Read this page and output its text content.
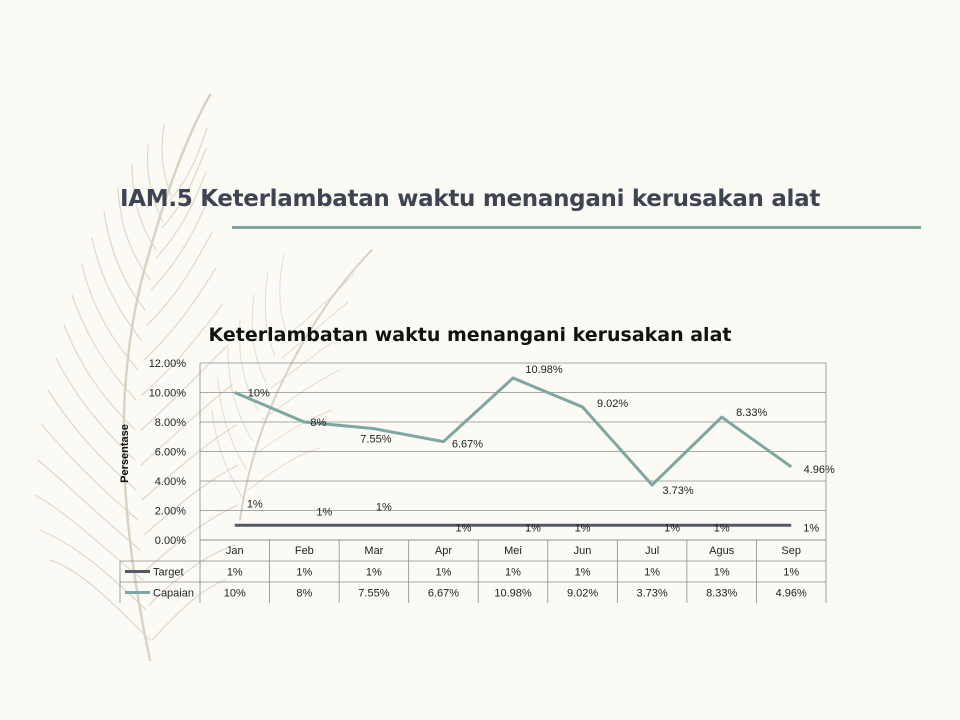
IAM.5 Keterlambatan waktu menangani kerusakan alat
Keterlambatan waktu menangani kerusakan alat
0.00%
2.00%
4.00%
6.00%
8.00%
10.00%
12.00%
Persentase
Jan	Feb	Mar	Apr	Mei	Jun	Jul	Agus	Sep
Target	1%	1%	1%	1%	1%	1%	1%	1%	1%
Capaian	10%	8%	7.55%	6.67%	10.98%	9.02%	3.73%	8.33%	4.96%
1%
1%	1%
1%	1%	1%	1%	1%	1%
10%
8%
7.55%	6.67%
10.98%
9.02%
3.73%
8.33%
4.96%
